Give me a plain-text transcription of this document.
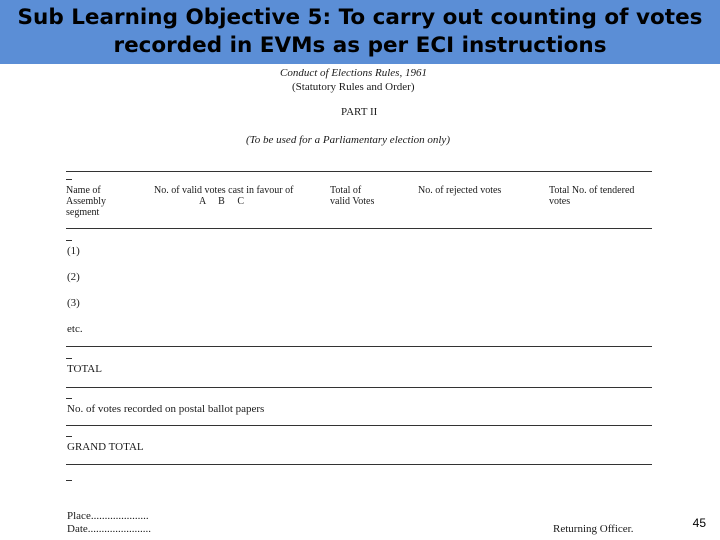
Conduct of Elections Rules, 1961
(Statutory Rules and Order)
PART II
(To be used for a Parliamentary election only)
Name of
Assembly
segment
No. of valid votes cast in favour of
A     B     C
Total of
valid Votes
No. of rejected votes	Total No. of tendered
votes
(1)
(2)
(3)
etc.
TOTAL
No. of votes recorded on postal ballot papers
GRAND TOTAL
Place.....................
Date.......................	Returning Officer.
Sub Learning Objective 5: To carry out counting of votes
recorded in EVMs as per ECI instructions
45
